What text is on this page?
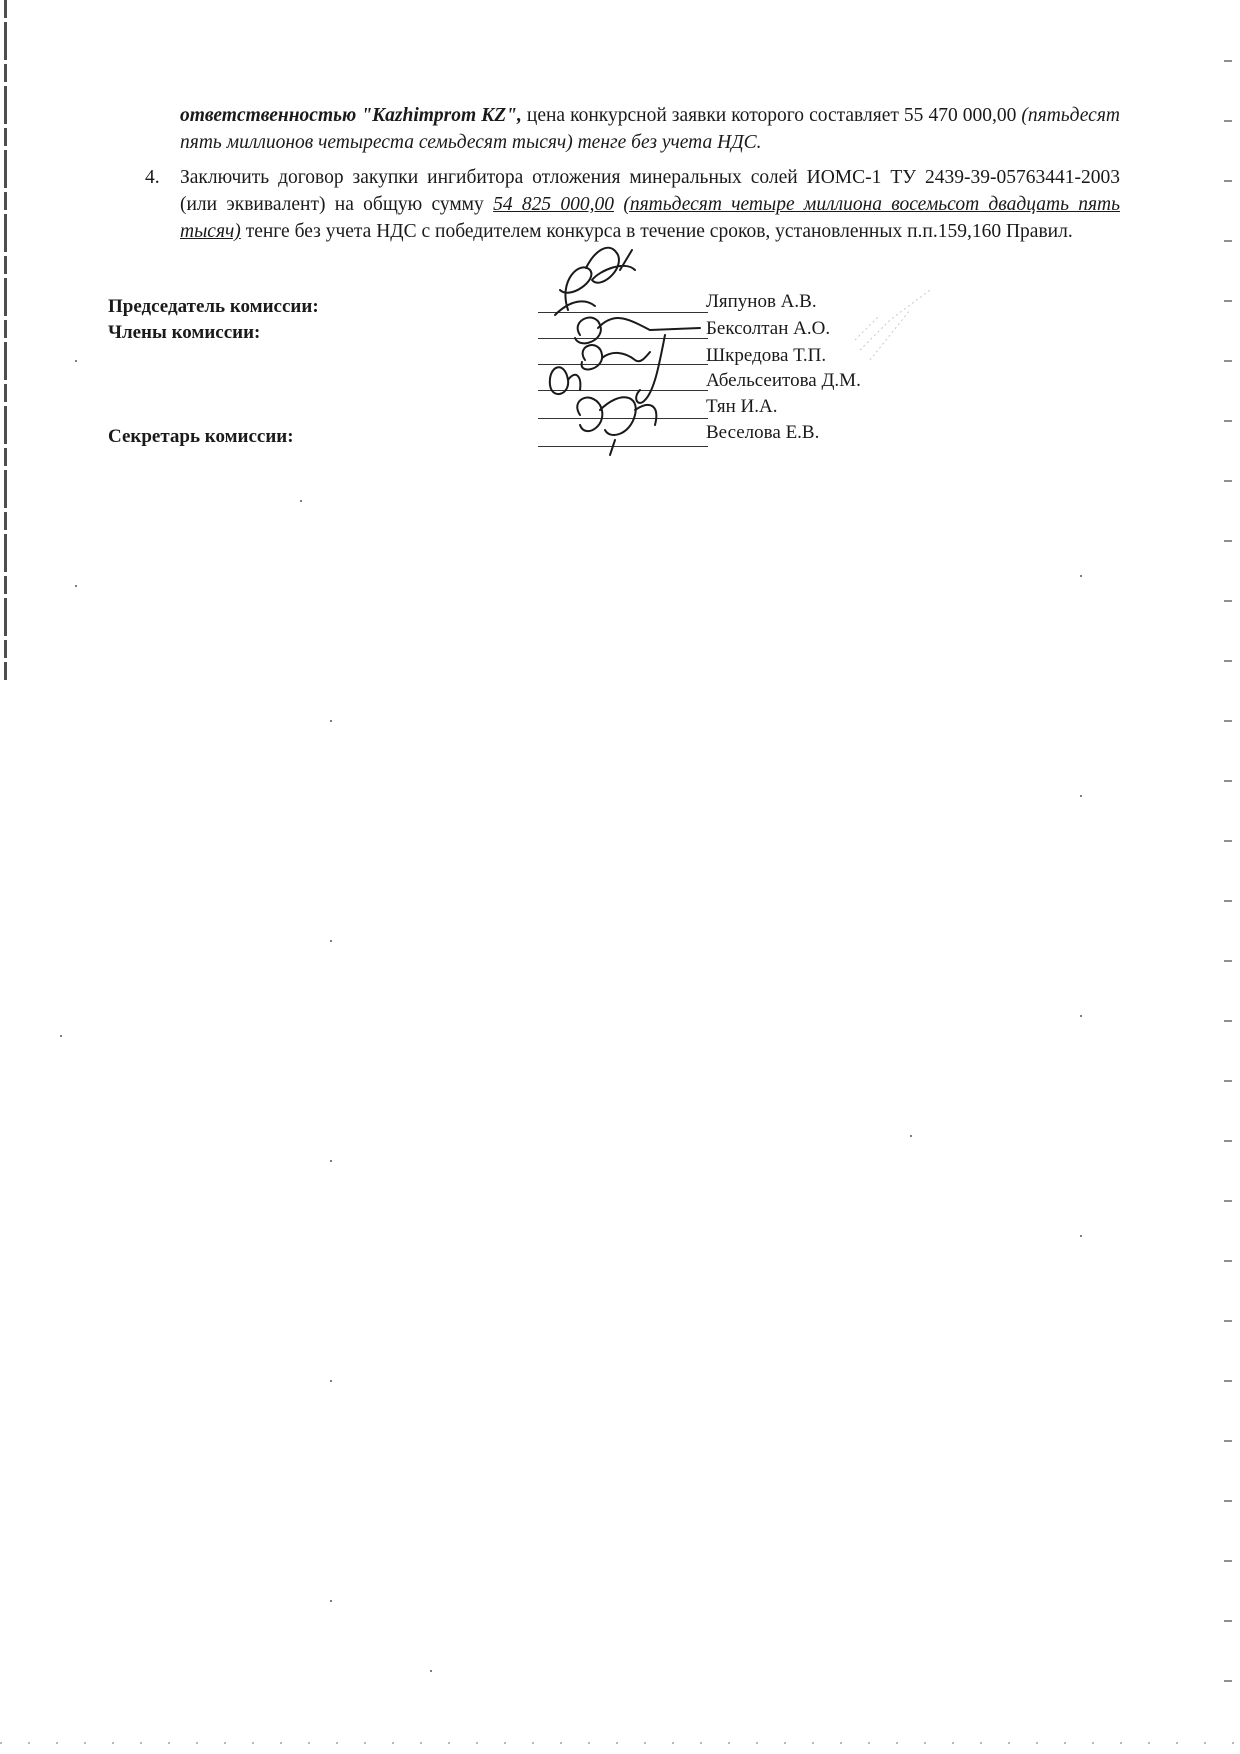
ответственностью "Kazhimprom KZ", цена конкурсной заявки которого составляет 55 470 000,00 (пятьдесят пять миллионов четыреста семьдесят тысяч) тенге без учета НДС.
4. Заключить договор закупки ингибитора отложения минеральных солей ИОМС-1 ТУ 2439-39-05763441-2003 (или эквивалент) на общую сумму 54 825 000,00 (пятьдесят четыре миллиона восемьсот двадцать пять тысяч) тенге без учета НДС с победителем конкурса в течение сроков, установленных п.п.159,160 Правил.
Председатель комиссии:
Члены комиссии:
Секретарь комиссии:
Ляпунов А.В.
Бексолтан А.О.
Шкредова Т.П.
Абельсеитова Д.М.
Тян И.А.
Веселова Е.В.
